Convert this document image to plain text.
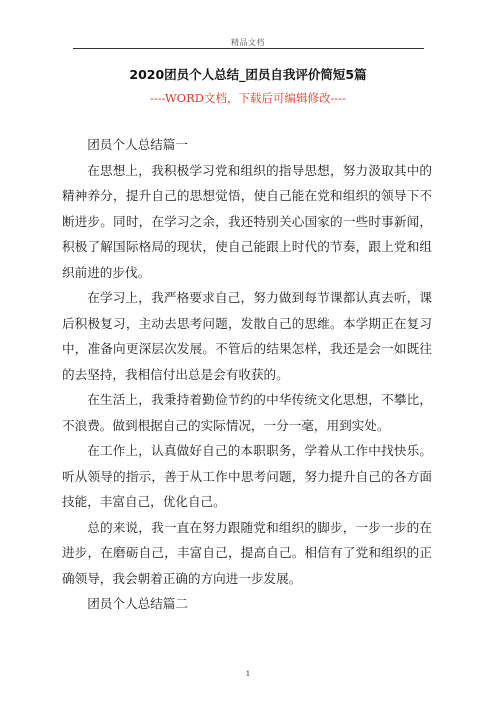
精品文档
2020团员个人总结_团员自我评价简短5篇
----WORD文档，下载后可编辑修改----

团员个人总结篇一

在思想上，我积极学习党和组织的指导思想，努力汲取其中的精神养分，提升自己的思想觉悟，使自己能在党和组织的领导下不断进步。同时，在学习之余，我还特别关心国家的一些时事新闻，积极了解国际格局的现状，使自己能跟上时代的节奏，跟上党和组织前进的步伐。

在学习上，我严格要求自己，努力做到每节课都认真去听，课后积极复习，主动去思考问题，发散自己的思维。本学期正在复习中，准备向更深层次发展。不管后的结果怎样，我还是会一如既往的去坚持，我相信付出总是会有收获的。

在生活上，我秉持着勤俭节约的中华传统文化思想，不攀比，不浪费。做到根据自己的实际情况，一分一毫，用到实处。

在工作上，认真做好自己的本职职务，学着从工作中找快乐。听从领导的指示，善于从工作中思考问题，努力提升自己的各方面技能，丰富自己，优化自己。

总的来说，我一直在努力跟随党和组织的脚步，一步一步的在进步，在磨砺自己，丰富自己，提高自己。相信有了党和组织的正确领导，我会朝着正确的方向进一步发展。

团员个人总结篇二

1
